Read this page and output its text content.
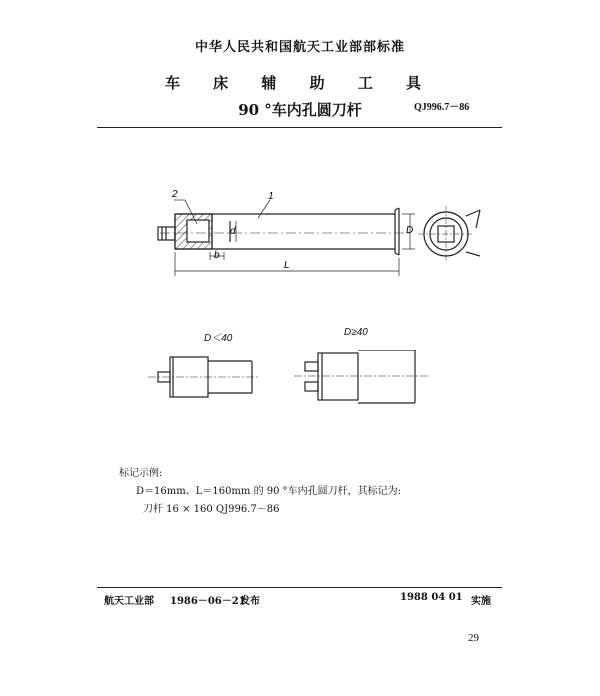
中华人民共和国航天工业部部标准
车 床 辅 助 工 具
90 °车内孔圆刀杆	QJ996.7－86
2	1
d
b
L
D
D＜40
D≥40
标记示例:
D＝16mm、L＝160mm 的 90 °车内孔圆刀杆，其标记为:
刀杆 16 × 160 QJ996.7－86
航天工业部 1986－06－21
发布	1988 04 01 实施
29
